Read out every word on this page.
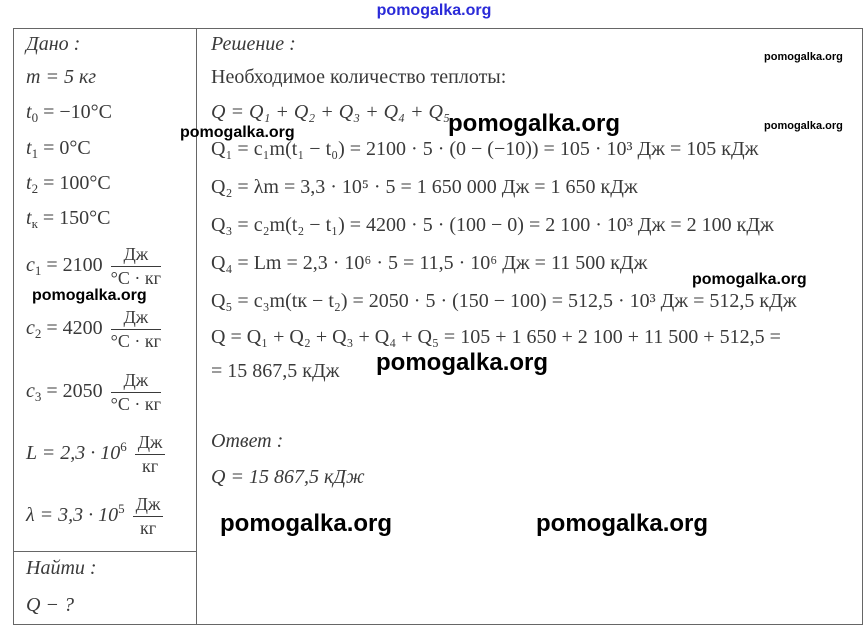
pomogalka.org
Дано :
m = 5 кг
$t_0 = -10^\circ C$
$t_1 = 0^\circ C$
$t_2 = 100^\circ C$
$t_к = 150^\circ C$
$c_1 = 2100 \frac{Дж}{^\circ C \cdot кг}$
$c_2 = 4200 \frac{Дж}{^\circ C \cdot кг}$
$c_3 = 2050 \frac{Дж}{^\circ C \cdot кг}$
$L = 2,3 \cdot 10^6 \frac{Дж}{кг}$
$\lambda = 3,3 \cdot 10^5 \frac{Дж}{кг}$
Найти :
Q − ?
Решение :
Необходимое количество теплоты:
Q = Q₁ + Q₂ + Q₃ + Q₄ + Q₅
Q₁ = c₁m(t₁ − t₀) = 2100 · 5 · (0 − (−10)) = 105 · 10³ Дж = 105 кДж
Q₂ = λm = 3,3 · 10⁵ · 5 = 1 650 000 Дж = 1 650 кДж
Q₃ = c₂m(t₂ − t₁) = 4200 · 5 · (100 − 0) = 2 100 · 10³ Дж = 2 100 кДж
Q₄ = Lm = 2,3 · 10⁶ · 5 = 11,5 · 10⁶ Дж = 11 500 кДж
Q₅ = c₃m(tк − t₂) = 2050 · 5 · (150 − 100) = 512,5 · 10³ Дж = 512,5 кДж
Q = Q₁ + Q₂ + Q₃ + Q₄ + Q₅ = 105 + 1 650 + 2 100 + 11 500 + 512,5 =
= 15 867,5 кДж
Ответ :
Q = 15 867,5 кДж
pomogalka.org
pomogalka.org
pomogalka.org
pomogalka.org
pomogalka.org
pomogalka.org
pomogalka.org
pomogalka.org	pomogalka.org
